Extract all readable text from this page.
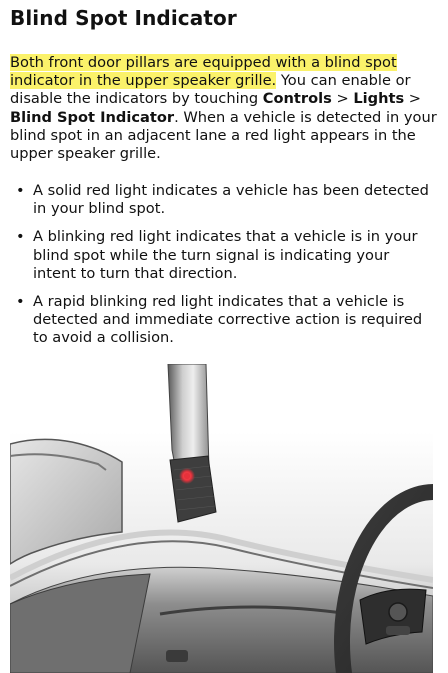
Blind Spot Indicator

Both front door pillars are equipped with a blind spot indicator in the upper speaker grille. You can enable or disable the indicators by touching Controls > Lights > Blind Spot Indicator. When a vehicle is detected in your blind spot in an adjacent lane a red light appears in the upper speaker grille.

• A solid red light indicates a vehicle has been detected in your blind spot.
• A blinking red light indicates that a vehicle is in your blind spot while the turn signal is indicating your intent to turn that direction.
• A rapid blinking red light indicates that a vehicle is detected and immediate corrective action is required to avoid a collision.
